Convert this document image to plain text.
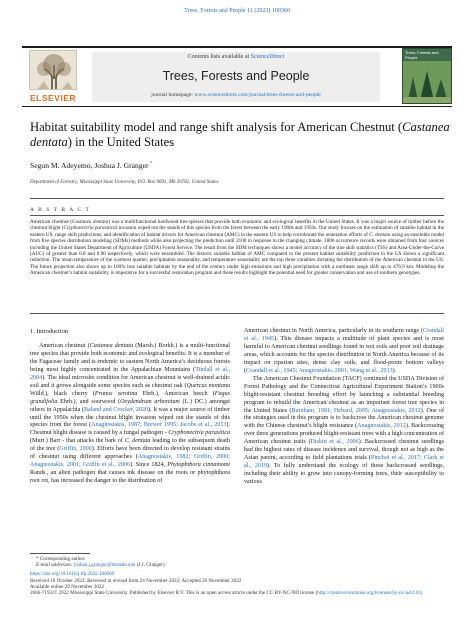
Trees, Forests and People 11 (2023) 100360
ELSEVIER
Contents lists available at ScienceDirect
Trees, Forests and People
journal homepage: www.sciencedirect.com/journal/trees-forests-and-people
Trees, Forests and People
Habitat suitability model and range shift analysis for American Chestnut (Castanea dentata) in the United States
Segun M. Adeyemo, Joshua J. Granger *
Department of Forestry, Mississippi State University, P.O. Box 9691, MS 39762, United States
A B S T R A C T
American chestnut (Castanea dentata) was a multifunctional hardwood tree species that provide both economic and ecological benefits in the United States. It was a major source of timber before the chestnut blight (Cryphonectria parasitica) invasion wiped out the stands of this species from the forest between the early 1900s and 1950s. Our study focuses on the estimation of suitable habitat in the eastern US, range shift predictions, and identification of habitat drivers for American chestnut (AMC) in the eastern US to help corroborate the restoration efforts of C. dentata using an ensemble model from five species distribution modeling (SDMs) methods while also projecting the prediction until 2100 in response to the changing climate. 1806 occurrence records were obtained from four sources including the United States Department of Agriculture (USDA) Forest Service. The result from the SDM techniques shows a model accuracy of the true skill statistics (TSS) and Area-Under-the-Curve (AUC) of greater than 0.8 and 0.90 respectively, which were ensembled. The historic suitable habitat of AMC compared to the present habitat suitability prediction in the US shows a significant reduction. The mean temperature of the warmest quarter, precipitation seasonality, and temperature seasonality are the top three variables dictating the distribution of the American chestnut in the US. The future projection also shows up to 100% less suitable habitats by the end of the century under high emissions and high precipitation with a northeast range shift up to 476.9 km. Modeling the American chestnut’s habitat suitability is imperative for a successful restoration program and these results highlight the potential need for greater conservation and use of southern genotypes.
1. Introduction
American chestnut (Castanea dentata (Marsh.) Borkh.) is a multi-functional tree species that provide both economic and ecological benefits. It is a member of the Fagaceae family and is endemic to eastern North America’s deciduous forests being most highly concentrated in the Appalachian Mountains (Tindall et al., 2004). The ideal microsite condition for American chestnut is well-drained acidic soil and it grows alongside some species such as chestnut oak (Quercus montana Willd.), black cherry (Prunus serotina Ehrh.), American beech (Fagus grandifolia Ehrh.), and sourwood (Oxydendrum arboretum (L.) DC.) amongst others in Appalachia (Baland and Crocker, 2020). It was a major source of timber until the 1950s when the chestnut blight invasion wiped out the stands of this species from the forest (Anagnostakis, 1987; Brewer 1995; Jacobs et al., 2013). Chestnut blight disease is caused by a fungal pathogen - Cryphonectria parasitica (Murr.) Barr - that attacks the bark of C. dentata leading to the subsequent death of the tree (Griffin, 2000). Efforts have been directed to develop resistant strains of chestnut using different approaches (Anagnostakis, 1982; Griffin, 2000; Anagnostakis, 2001; Griffin et al., 2006). Since 1824, Phytophthora cinnamomi Rands., an alien pathogen that causes ink disease on the roots or phytophthora root rot, has increased the danger to the distribution of
American chestnut in North America, particularly in its southern range (Crandall et al., 1945). This disease impacts a multitude of plant species and is most harmful to American chestnut seedlings found in wet soils and poor soil drainage areas, which accounts for the species distribution in North America because of its impact on riparian sites, dense clay soils, and flood-prone bottom valleys (Crandall et al., 1945; Anagnostakis, 2001; Wang et al., 2013).
The American Chestnut Foundation (TACF) continued the USDA Division of Forest Pathology and the Connecticut Agricultural Experiment Station’s 1900s blight-resistant chestnut breeding effort by launching a substantial breeding program to rebuild the American chestnut as an important forest tree species in the United States (Burnham, 1981; Hebard, 2005; Anagnostakis, 2012). One of the strategies used in this program is to backcross the American chestnut genome with the Chinese chestnut’s blight resistance (Anagnostakis, 2012). Backcrossing over three generations produced blight-resistant trees with a high concentration of American chestnut traits (Diskin et al., 2006). Backcrossed chestnut seedlings had the highest rates of disease incidence and survival, though not as high as the Asian parent, according to field plantations trials (Pinchot et al., 2017; Clark et al., 2019). To fully understand the ecology of these backcrossed seedlings, including their ability to grow into canopy-forming trees, their susceptibility to various
* Corresponding author.
E-mail addresses: joshua.j.granger@msstate.edu (J.J. Granger).
https://doi.org/10.1016/j.tfp.2022.100360
Received 18 October 2022; Received in revised form 24 November 2022; Accepted 28 November 2022
Available online 29 November 2022
2666-7193/© 2022 Mississippi State University. Published by Elsevier B.V. This is an open access article under the CC BY-NC-ND license (http://creativecommons.org/licenses/by-nc-nd/4.0/).
